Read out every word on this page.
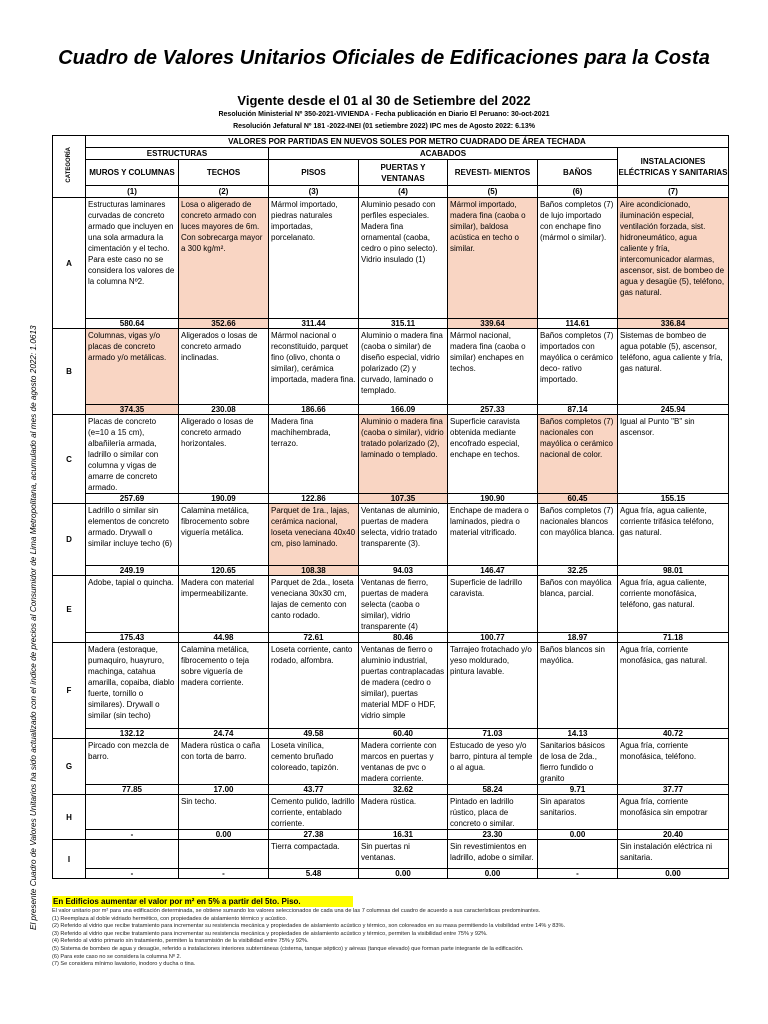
Cuadro de Valores Unitarios Oficiales de Edificaciones para la Costa
Vigente desde el 01 al 30 de Setiembre del 2022
Resolución Ministerial Nº 350-2021-VIVIENDA - Fecha publicación en Diario El Peruano: 30-oct-2021
Resolución Jefatural Nº 181 -2022-INEI (01 setiembre 2022) IPC mes de Agosto 2022: 6.13%
El presente Cuadro de Valores Unitarios ha sido actualizado con el índice de precios al Consumidor de Lima Metropolitana, acumulado al mes de agosto 2022: 1.0613
CATEGORÍA	VALORES POR PARTIDAS EN NUEVOS SOLES POR METRO CUADRADO DE ÁREA TECHADA						
	ESTRUCTURAS		ACABADOS				INSTALACIONES ELÉCTRICAS Y SANITARIAS
	MUROS Y COLUMNAS	TECHOS	PISOS	PUERTAS Y VENTANAS	REVESTI- MIENTOS	BAÑOS	
	(1)	(2)	(3)	(4)	(5)	(6)	(7)
A	Estructuras laminares curvadas de concreto armado que incluyen en una sola armadura la cimentación y el techo. Para este caso no se considera los valores de la columna Nº2.	Losa o aligerado de concreto armado con luces mayores de 6m. Con sobrecarga mayor a 300 kg/m².	Mármol importado, piedras naturales importadas, porcelanato.	Aluminio pesado con perfiles especiales. Madera fina ornamental (caoba, cedro o pino selecto). Vidrio insulado (1)	Mármol importado, madera fina (caoba o similar), baldosa acústica en techo o similar.	Baños completos (7) de lujo importado con enchape fino (mármol o similar).	Aire acondicionado, iluminación especial, ventilación forzada, sist. hidroneumático, agua caliente y fría, intercomunicador alarmas, ascensor, sist. de bombeo de agua y desagüe (5), teléfono, gas natural.
	580.64	352.66	311.44	315.11	339.64	114.61	336.84
B	Columnas, vigas y/o placas de concreto armado y/o metálicas.	Aligerados o losas de concreto armado inclinadas.	Mármol nacional o reconstituido, parquet fino (olivo, chonta o similar), cerámica importada, madera fina.	Aluminio o madera fina (caoba o similar) de diseño especial, vidrio polarizado (2) y curvado, laminado o templado.	Mármol nacional, madera fina (caoba o similar) enchapes en techos.	Baños completos (7) importados con mayólica o cerámico deco- rativo importado.	Sistemas de bombeo de agua potable (5), ascensor, teléfono, agua caliente y fría, gas natural.
	374.35	230.08	186.66	166.09	257.33	87.14	245.94
C	Placas de concreto (e=10 a 15 cm), albañilería armada, ladrillo o similar con columna y vigas de amarre de concreto armado.	Aligerado o losas de concreto armado horizontales.	Madera fina machihembrada, terrazo.	Aluminio o madera fina (caoba o similar), vidrio tratado polarizado (2), laminado o templado.	Superficie caravista obtenida mediante encofrado especial, enchape en techos.	Baños completos (7) nacionales con mayólica o cerámico nacional de color.	Igual al Punto "B" sin ascensor.
	257.69	190.09	122.86	107.35	190.90	60.45	155.15
D	Ladrillo o similar sin elementos de concreto armado. Drywall o similar incluye techo (6)	Calamina metálica, fibrocemento sobre viguería metálica.	Parquet de 1ra., lajas, cerámica nacional, loseta veneciana 40x40 cm, piso laminado.	Ventanas de aluminio, puertas de madera selecta, vidrio tratado transparente (3).	Enchape de madera o laminados, piedra o material vitrificado.	Baños completos (7) nacionales blancos con mayólica blanca.	Agua fría, agua caliente, corriente trifásica teléfono, gas natural.
	249.19	120.65	108.38	94.03	146.47	32.25	98.01
E	Adobe, tapial o quincha.	Madera con material impermeabilizante.	Parquet de 2da., loseta veneciana 30x30 cm, lajas de cemento con canto rodado.	Ventanas de fierro, puertas de madera selecta (caoba o similar), vidrio transparente (4)	Superficie de ladrillo caravista.	Baños con mayólica blanca, parcial.	Agua fría, agua caliente, corriente monofásica, teléfono, gas natural.
	175.43	44.98	72.61	80.46	100.77	18.97	71.18
F	Madera (estoraque, pumaquiro, huayruro, machinga, catahua amarilla, copaiba, diablo fuerte, tornillo o similares). Drywall o similar (sin techo)	Calamina metálica, fibrocemento o teja sobre viguería de madera corriente.	Loseta corriente, canto rodado, alfombra.	Ventanas de fierro o aluminio industrial, puertas contraplacadas de madera (cedro o similar), puertas material MDF o HDF, vidrio simple	Tarrajeo frotachado y/o yeso moldurado, pintura lavable.	Baños blancos sin mayólica.	Agua fría, corriente monofásica, gas natural.
	132.12	24.74	49.58	60.40	71.03	14.13	40.72
G	Pircado con mezcla de barro.	Madera rústica o caña con torta de barro.	Loseta vinílica, cemento bruñado coloreado, tapizón.	Madera corriente con marcos en puertas y ventanas de pvc o madera corriente.	Estucado de yeso y/o barro, pintura al temple o al agua.	Sanitarios básicos de losa de 2da., fierro fundido o granito	Agua fría, corriente monofásica, teléfono.
	77.85	17.00	43.77	32.62	58.24	9.71	37.77
H		Sin techo.	Cemento pulido, ladrillo corriente, entablado corriente.	Madera rústica.	Pintado en ladrillo rústico, placa de concreto o similar.	Sin aparatos sanitarios.	Agua fría, corriente monofásica sin empotrar
	-	0.00	27.38	16.31	23.30	0.00	20.40
I			Tierra compactada.	Sin puertas ni ventanas.	Sin revestimientos en ladrillo, adobe o similar.		Sin instalación eléctrica ni sanitaria.
	-	-	5.48	0.00	0.00	-	0.00
En Edificios aumentar el valor por m² en 5% a partir del 5to. Piso.
El valor unitario por m² para una edificación determinada, se obtiene sumando los valores seleccionados de cada una de las 7 columnas del cuadro de acuerdo a sus características predominantes.
(1) Reemplaza al doble vidriado hermético, con propiedades de aislamiento térmico y acústico.
(2) Referido al vidrio que recibe tratamiento para incrementar su resistencia mecánica y propiedades de aislamiento acústico y térmico, son coloreados en su masa permitiendo la visibilidad entre 14% y 83%.
(3) Referido al vidrio que recibe tratamiento para incrementar su resistencia mecánica y propiedades de aislamiento acústico y térmico, permiten la visibilidad entre 75% y 92%.
(4) Referido al vidrio primario sin tratamiento, permiten la transmisión de la visibilidad entre 75% y 92%.
(5) Sistema de bombeo de agua y desagüe, referido a instalaciones interiores subterráneas (cisterna, tanque séptico) y aéreas (tanque elevado) que forman parte integrante de la edificación.
(6) Para este caso no se considera la columna Nº 2.
(7) Se considera mínimo lavatorio, inodoro y ducha o tina.
